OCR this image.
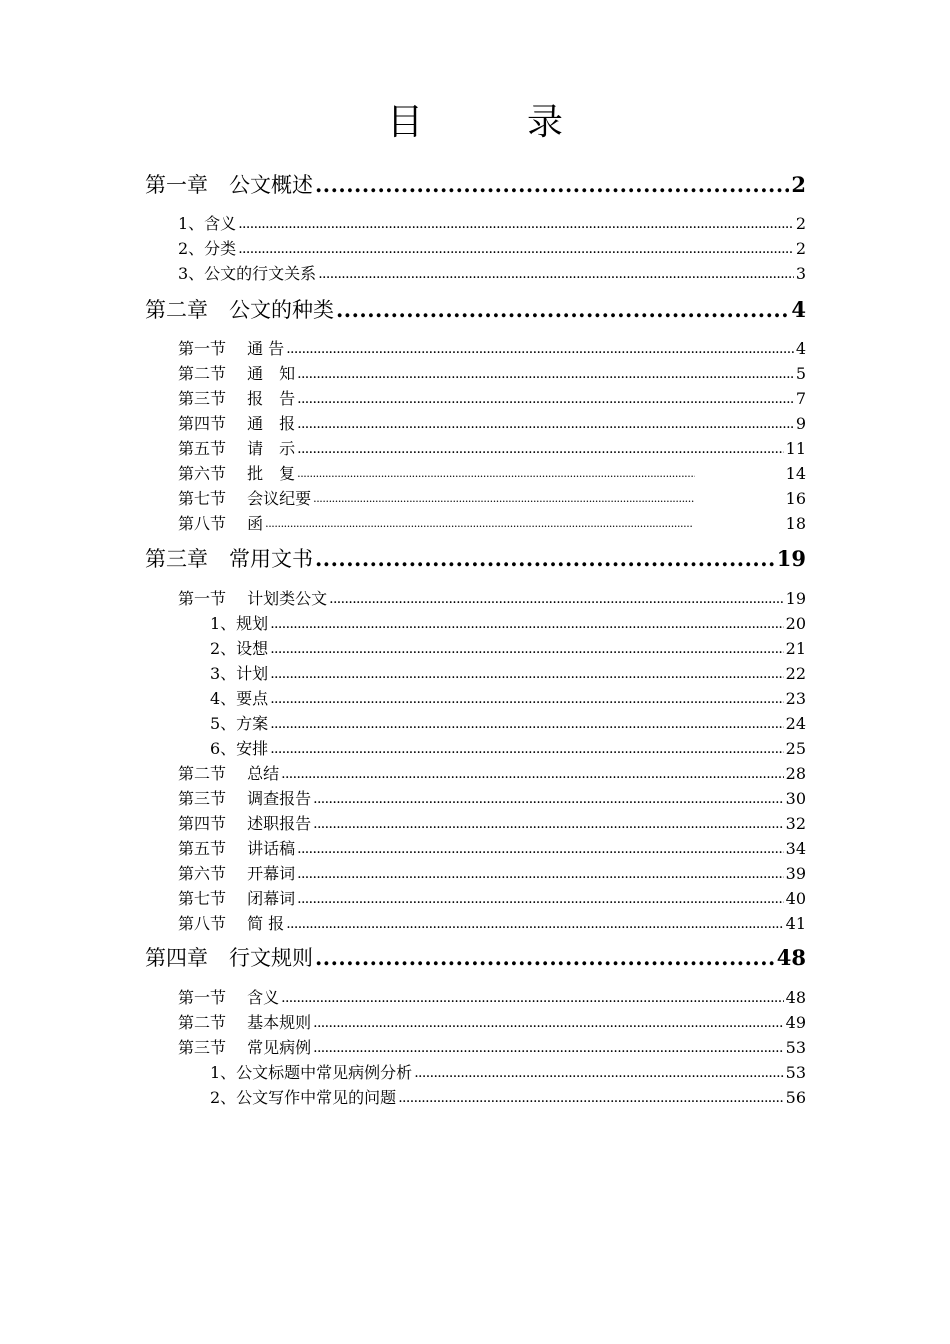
目　录
第一章　公文概述 .....	2
1、含义 .....	2
2、分类 .....	2
3、公文的行文关系 .....	3
第二章　公文的种类 .....	4
第一节　 通 告 .....	4
第二节　 通　知 .....	5
第三节　 报　告 .....	7
第四节　 通　报 .....	9
第五节　 请　示 .....	11
第六节　 批　复 .....	14
第七节　 会议纪要 .....	16
第八节　 函 .....	18
第三章　常用文书 .....	19
第一节　 计划类公文 .....	19
1、规划 .....	20
2、设想 .....	21
3、计划 .....	22
4、要点 .....	23
5、方案 .....	24
6、安排 .....	25
第二节　 总结 .....	28
第三节　 调查报告 .....	30
第四节　 述职报告 .....	32
第五节　 讲话稿 .....	34
第六节　 开幕词 .....	39
第七节　 闭幕词 .....	40
第八节　 简 报 .....	41
第四章　行文规则 .....	48
第一节　 含义 .....	48
第二节　 基本规则 .....	49
第三节　 常见病例 .....	53
1、公文标题中常见病例分析 .....	53
2、公文写作中常见的问题 .....	56
